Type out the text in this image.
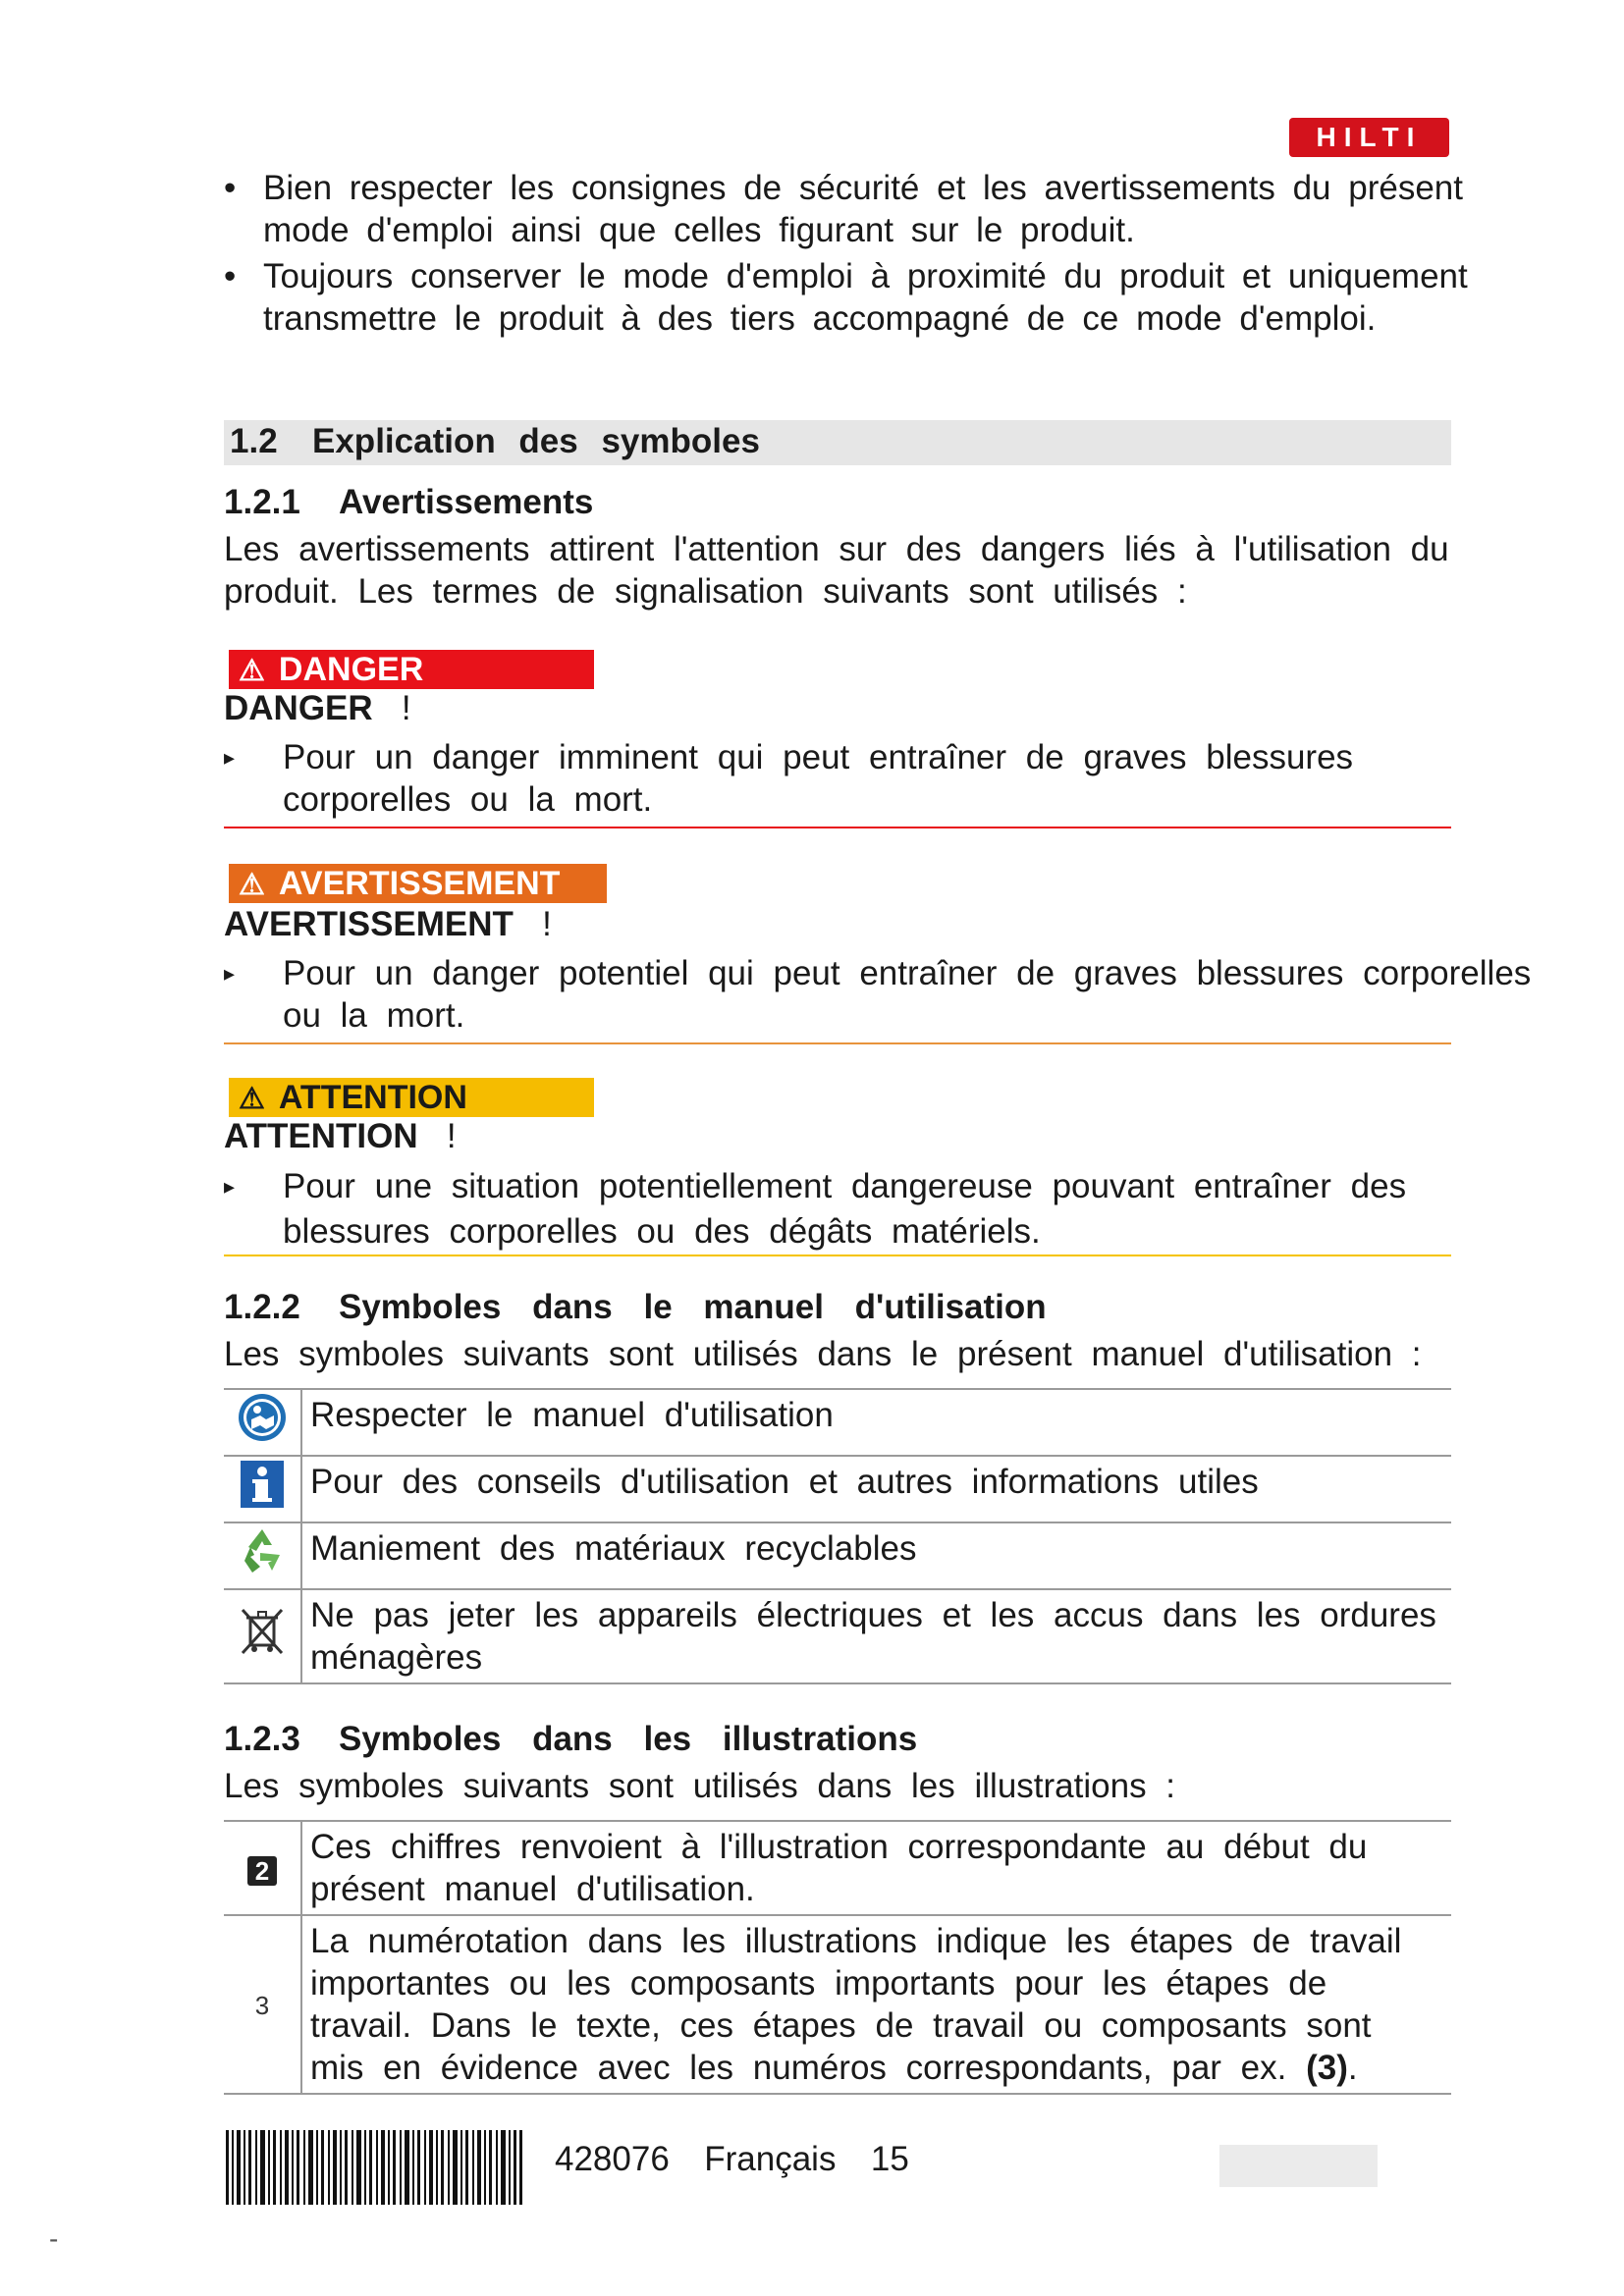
HILTI
• Bien respecter les consignes de sécurité et les avertissements du présent mode d'emploi ainsi que celles figurant sur le produit.
• Toujours conserver le mode d'emploi à proximité du produit et uniquement transmettre le produit à des tiers accompagné de ce mode d'emploi.
1.2 Explication des symboles
1.2.1 Avertissements
Les avertissements attirent l'attention sur des dangers liés à l'utilisation du produit. Les termes de signalisation suivants sont utilisés :
⚠ DANGER
DANGER !
▸	Pour un danger imminent qui peut entraîner de graves blessures corporelles ou la mort.
⚠ AVERTISSEMENT
AVERTISSEMENT !
▸	Pour un danger potentiel qui peut entraîner de graves blessures corporelles ou la mort.
⚠ ATTENTION
ATTENTION !
▸	Pour une situation potentiellement dangereuse pouvant entraîner des blessures corporelles ou des dégâts matériels.
1.2.2 Symboles dans le manuel d'utilisation
Les symboles suivants sont utilisés dans le présent manuel d'utilisation :
	Respecter le manuel d'utilisation
	Pour des conseils d'utilisation et autres informations utiles
	Maniement des matériaux recyclables
	Ne pas jeter les appareils électriques et les accus dans les ordures ménagères
1.2.3 Symboles dans les illustrations
Les symboles suivants sont utilisés dans les illustrations :
2	Ces chiffres renvoient à l'illustration correspondante au début du présent manuel d'utilisation.
3	La numérotation dans les illustrations indique les étapes de travail importantes ou les composants importants pour les étapes de travail. Dans le texte, ces étapes de travail ou composants sont mis en évidence avec les numéros correspondants, par ex. (3).
428076 Français 15
-
